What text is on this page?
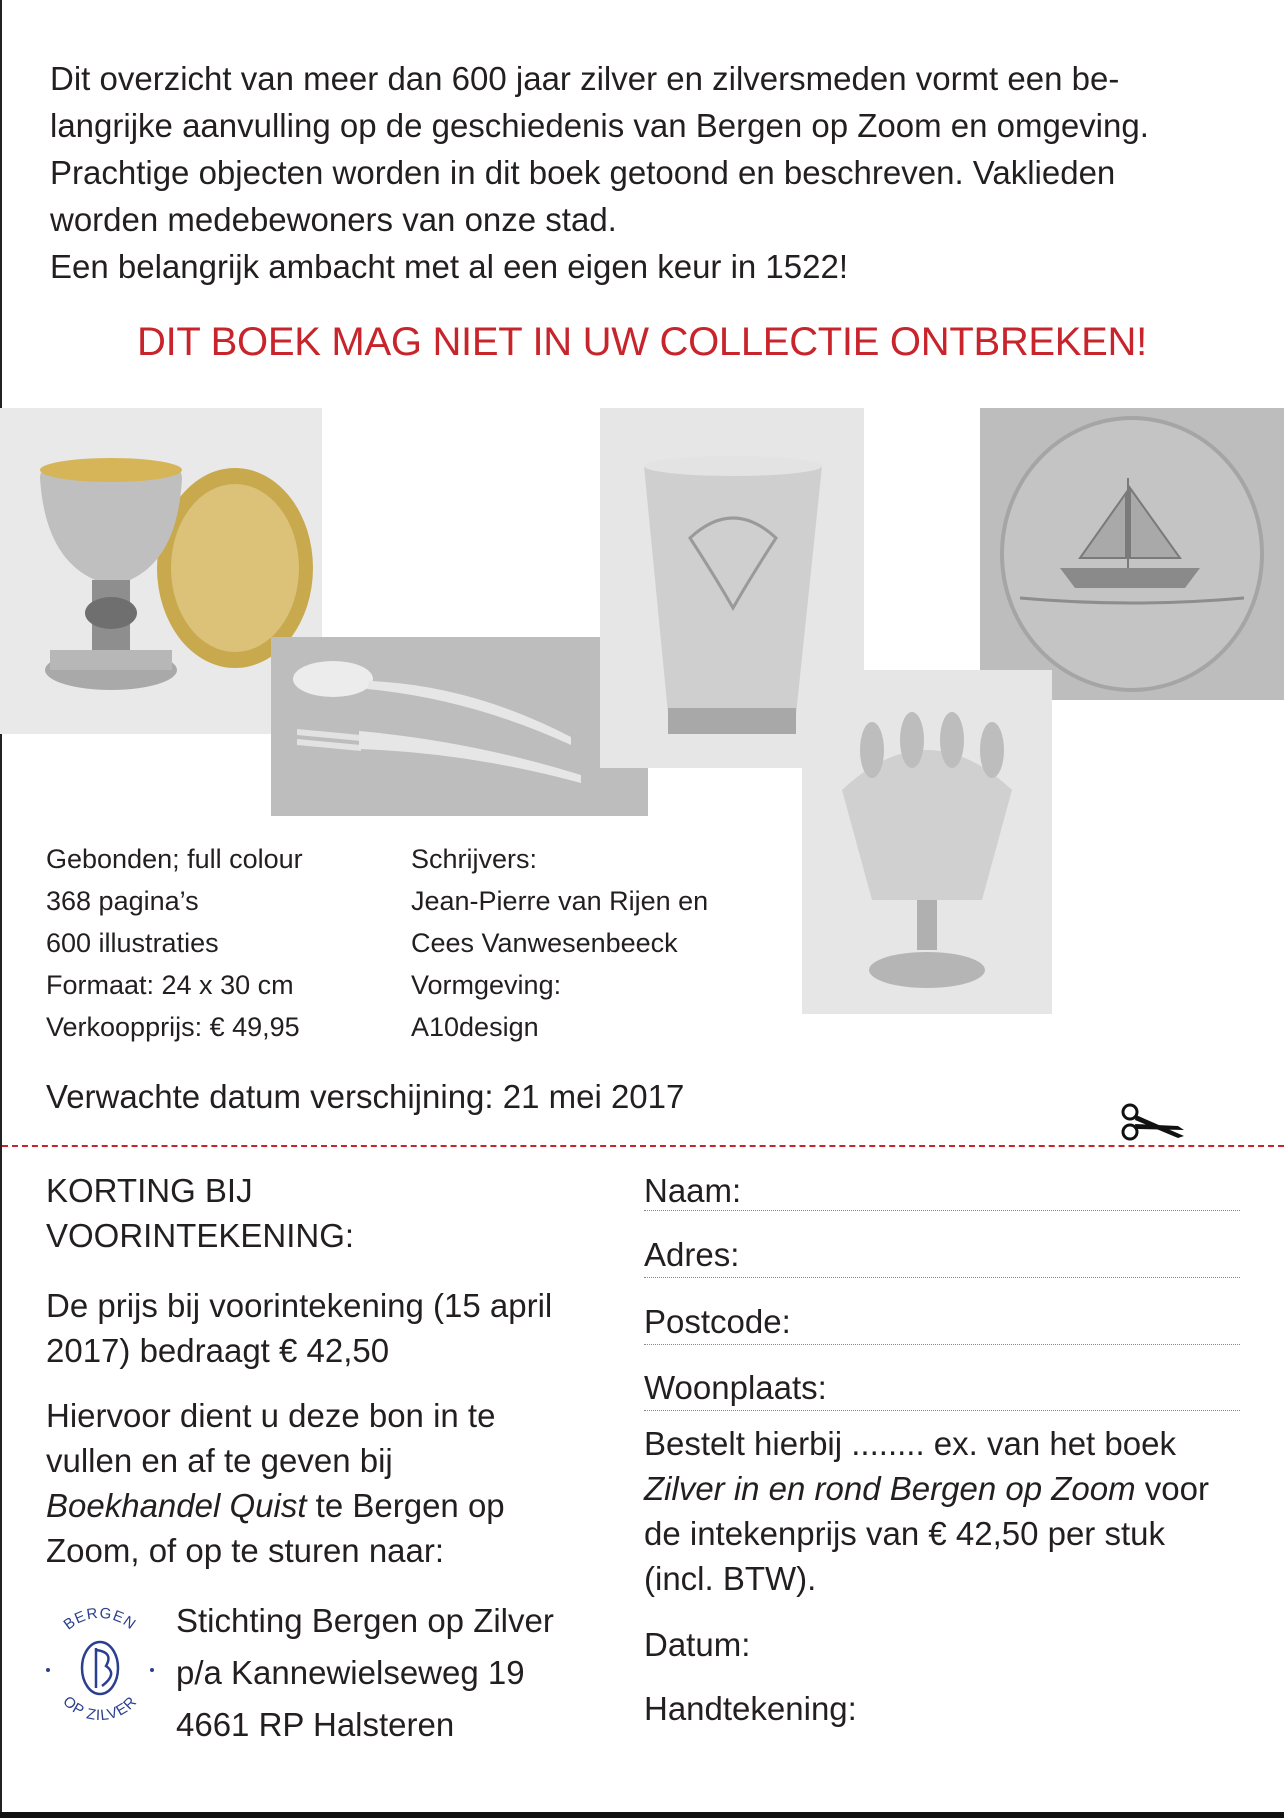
Dit overzicht van meer dan 600 jaar zilver en zilversmeden vormt een be-

langrijke aanvulling op de geschiedenis van Bergen op Zoom en omgeving.

Prachtige objecten worden in dit boek getoond en beschreven. Vaklieden

worden medebewoners van onze stad.

Een belangrijk ambacht met al een eigen keur in 1522!

DIT BOEK MAG NIET IN UW COLLECTIE ONTBREKEN!
Gebonden; full colour
368 pagina’s
600 illustraties
Formaat: 24 x 30 cm
Verkoopprijs: € 49,95
Schrijvers:
Jean-Pierre van Rijen en
Cees Vanwesenbeeck
Vormgeving:
A10design
Verwachte datum verschijning: 21 mei 2017
KORTING BIJ
VOORINTEKENING:
De prijs bij voorintekening (15 april
2017) bedraagt € 42,50
Hiervoor dient u deze bon in te
vullen en af te geven bij
Boekhandel Quist te Bergen op
Zoom, of op te sturen naar:
BERGEN
OP ZILVER
Stichting Bergen op Zilver
p/a Kannewielseweg 19
4661 RP Halsteren
Naam:
Adres:
Postcode:
Woonplaats:
Bestelt hierbij ........ ex. van het boek
Zilver in en rond Bergen op Zoom voor
de intekenprijs van € 42,50 per stuk
(incl. BTW).
Datum:
Handtekening:
